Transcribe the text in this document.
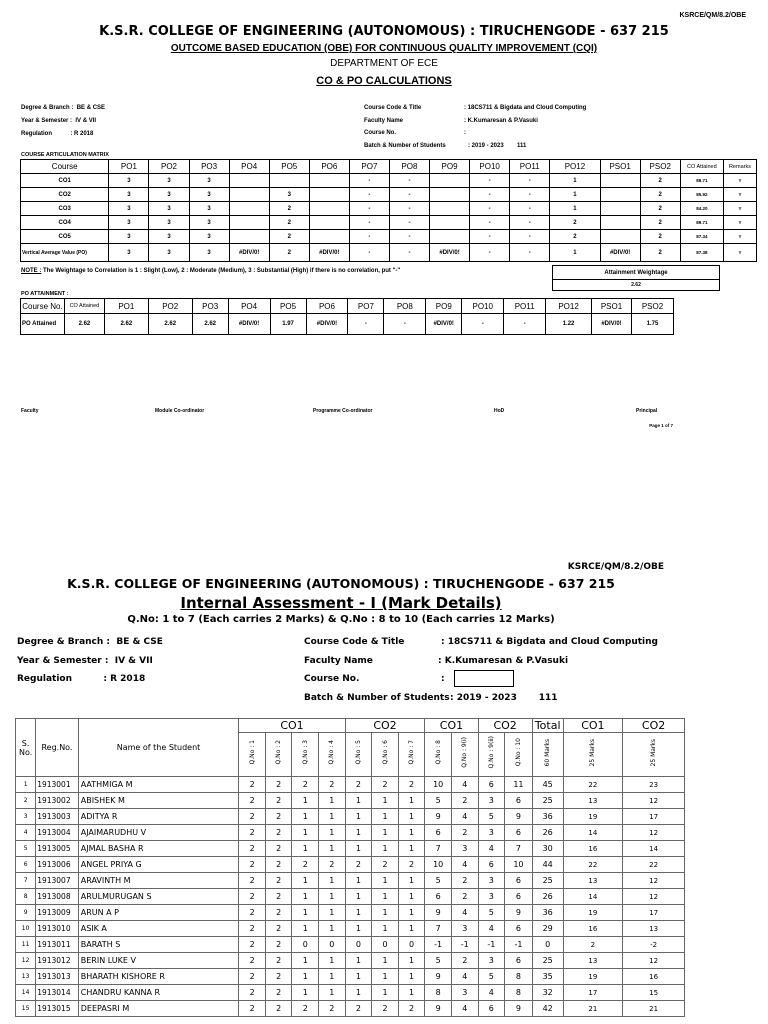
KSRCE/QM/8.2/OBE
K.S.R. COLLEGE OF ENGINEERING (AUTONOMOUS) : TIRUCHENGODE - 637 215
OUTCOME BASED EDUCATION (OBE) FOR CONTINUOUS QUALITY IMPROVEMENT (CQI)
DEPARTMENT OF ECE
CO & PO CALCULATIONS
Degree & Branch : BE & CSE
Year & Semester : IV & VII
Regulation	: R 2018
Course Code & Title	: 18CS711 & Bigdata and Cloud Computing
Faculty Name	: K.Kumaresan & P.Vasuki
Course No.	:
Batch & Number of Students	: 2019 - 2023 111
COURSE ARTICULATION MATRIX
Course	PO1	PO2	PO3	PO4	PO5	PO6	PO7	PO8	PO9	PO10	PO11	PO12	PSO1	PSO2	CO Attained	Remarks
CO1	3	3	3				-	-		-	-	1		2	89.71	Y
CO2	3	3	3		3		-	-		-	-	1		2	85.92	Y
CO3	3	3	3		2		-	-		-	-	1		2	84.20	Y
CO4	3	3	3		2		-	-		-	-	2		2	89.71	Y
CO5	3	3	3		2		-	-		-	-	2		2	87.34	Y
Vertical Average Value (PO)	3	3	3	#DIV/0!	2	#DIV/0!	-	-	#DIV/0!	-	-	1	#DIV/0!	2	87.38	Y
NOTE : The Weightage to Correlation is 1 : Slight (Low), 2 : Moderate (Medium), 3 : Substantial (High) if there is no correlation, put "-"	Attainment Weightage
2.62
PO ATTAINMENT :
Course No.	CO Attained	PO1	PO2	PO3	PO4	PO5	PO6	PO7	PO8	PO9	PO10	PO11	PO12	PSO1	PSO2
PO Attained	2.62	2.62	2.62	2.62	#DIV/0!	1.97	#DIV/0!	-	-	#DIV/0!	-	-	1.22	#DIV/0!	1.75
Faculty	Module Co-ordinator	Programme Co-ordinator	HoD	Principal
Page 1 of 7
KSRCE/QM/8.2/OBE
K.S.R. COLLEGE OF ENGINEERING (AUTONOMOUS) : TIRUCHENGODE - 637 215
Internal Assessment - I (Mark Details)
Q.No: 1 to 7 (Each carries 2 Marks) & Q.No : 8 to 10 (Each carries 12 Marks)
Degree & Branch : BE & CSE
Year & Semester : IV & VII
Regulation	: R 2018
Course Code & Title	: 18CS711 & Bigdata and Cloud Computing
Faculty Name	: K.Kumaresan & P.Vasuki
Course No.	:
Batch & Number of Students: 2019 - 2023 111
S. No.	Reg.No.	Name of the Student	CO1				CO2			CO1		CO2		Total	CO1	CO2
			Q.No : 1	Q.No : 2	Q.No : 3	Q.No : 4	Q.No : 5	Q.No : 6	Q.No : 7	Q.No : 8	Q.No : 9(i)	Q.No : 9(ii)	Q.No : 10	60 Marks	25 Marks	25 Marks
1	1913001	AATHMIGA M	2	2	2	2	2	2	2	10	4	6	11	45	22	23
2	1913002	ABISHEK M	2	2	1	1	1	1	1	5	2	3	6	25	13	12
3	1913003	ADITYA R	2	2	1	1	1	1	1	9	4	5	9	36	19	17
4	1913004	AJAIMARUDHU V	2	2	1	1	1	1	1	6	2	3	6	26	14	12
5	1913005	AJMAL BASHA R	2	2	1	1	1	1	1	7	3	4	7	30	16	14
6	1913006	ANGEL PRIYA G	2	2	2	2	2	2	2	10	4	6	10	44	22	22
7	1913007	ARAVINTH M	2	2	1	1	1	1	1	5	2	3	6	25	13	12
8	1913008	ARULMURUGAN S	2	2	1	1	1	1	1	6	2	3	6	26	14	12
9	1913009	ARUN A P	2	2	1	1	1	1	1	9	4	5	9	36	19	17
10	1913010	ASIK A	2	2	1	1	1	1	1	7	3	4	6	29	16	13
11	1913011	BARATH S	2	2	0	0	0	0	0	-1	-1	-1	-1	0	2	-2
12	1913012	BERIN LUKE V	2	2	1	1	1	1	1	5	2	3	6	25	13	12
13	1913013	BHARATH KISHORE R	2	2	1	1	1	1	1	9	4	5	8	35	19	16
14	1913014	CHANDRU KANNA R	2	2	1	1	1	1	1	8	3	4	8	32	17	15
15	1913015	DEEPASRI M	2	2	2	2	2	2	2	9	4	6	9	42	21	21
